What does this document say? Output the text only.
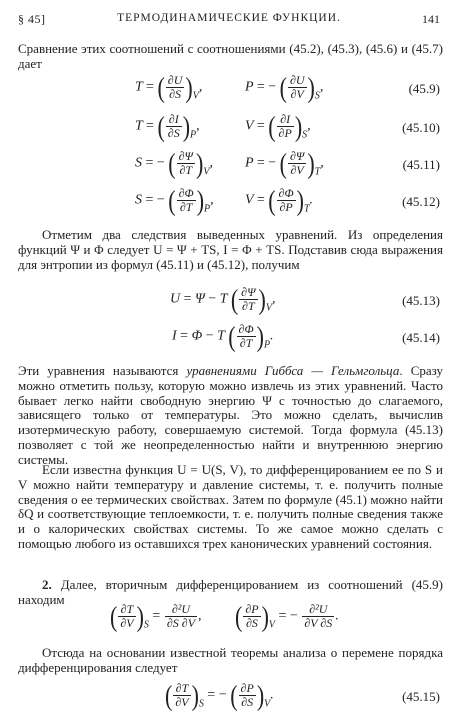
§ 45]	ТЕРМОДИНАМИЧЕСКИЕ ФУНКЦИИ.	141
Сравнение этих соотношений с соотношениями (45.2), (45.3), (45.6) и (45.7) дает
T = ( $\frac{\partial U}{\partial S} )_V$,	P = − ( $\frac{\partial U}{\partial V} )_S$,	(45.9)
T = ( $\frac{\partial I}{\partial S} )_P$,	V = ( $\frac{\partial I}{\partial P} )_S$,	(45.10)
S = − ( $\frac{\partial\Psi}{\partial T} )_V$, P = − ( $\frac{\partial\Psi}{\partial V} )_T$,	(45.11)
S = − ( $\frac{\partial\Phi}{\partial T} )_P$, V = ( $\frac{\partial\Phi}{\partial P} )_T$.	(45.12)
Отметим два следствия выведенных уравнений. Из определения функций Ψ и Φ следует U = Ψ + TS, I = Φ + TS. Подставив сюда выражения для энтропии из формул (45.11) и (45.12), получим
U = Ψ − T ( $\frac{\partial\Psi}{\partial T} )_V$,	(45.13)
I = Φ − T ( $\frac{\partial\Phi}{\partial T} )_P$.	(45.14)
Эти уравнения называются уравнениями Гиббса — Гельмгольца. Сразу можно отметить пользу, которую можно извлечь из этих уравнений. Часто бывает легко найти свободную энергию Ψ с точностью до слагаемого, зависящего только от температуры. Это можно сделать, вычислив изотермическую работу, совершаемую системой. Тогда формула (45.13) позволяет с той же неопределенностью найти и внутреннюю энергию системы.
Если известна функция U = U(S, V), то дифференцированием ее по S и V можно найти температуру и давление системы, т. е. получить полные сведения о ее термических свойствах. Затем по формуле (45.1) можно найти δQ и соответствующие теплоемкости, т. е. получить полные сведения также и о калорических свойствах системы. То же самое можно сделать с помощью любого из оставшихся трех канонических уравнений состояния.
2. Далее, вторичным дифференцированием из соотношений (45.9) находим
( $\frac{\partial T}{\partial V} )_S = \frac{\text{∂²U}}{\partial S \partial V}$ , ( $\frac{\partial P}{\partial S} )_V$ = − $\frac{\text{∂²U}}{\partial V \partial S}$ .
Отсюда на основании известной теоремы анализа о перемене порядка дифференцирования следует
( $\frac{\partial T}{\partial V} )_S$ = − ( $\frac{\partial P}{\partial S} )_V$.	(45.15)
